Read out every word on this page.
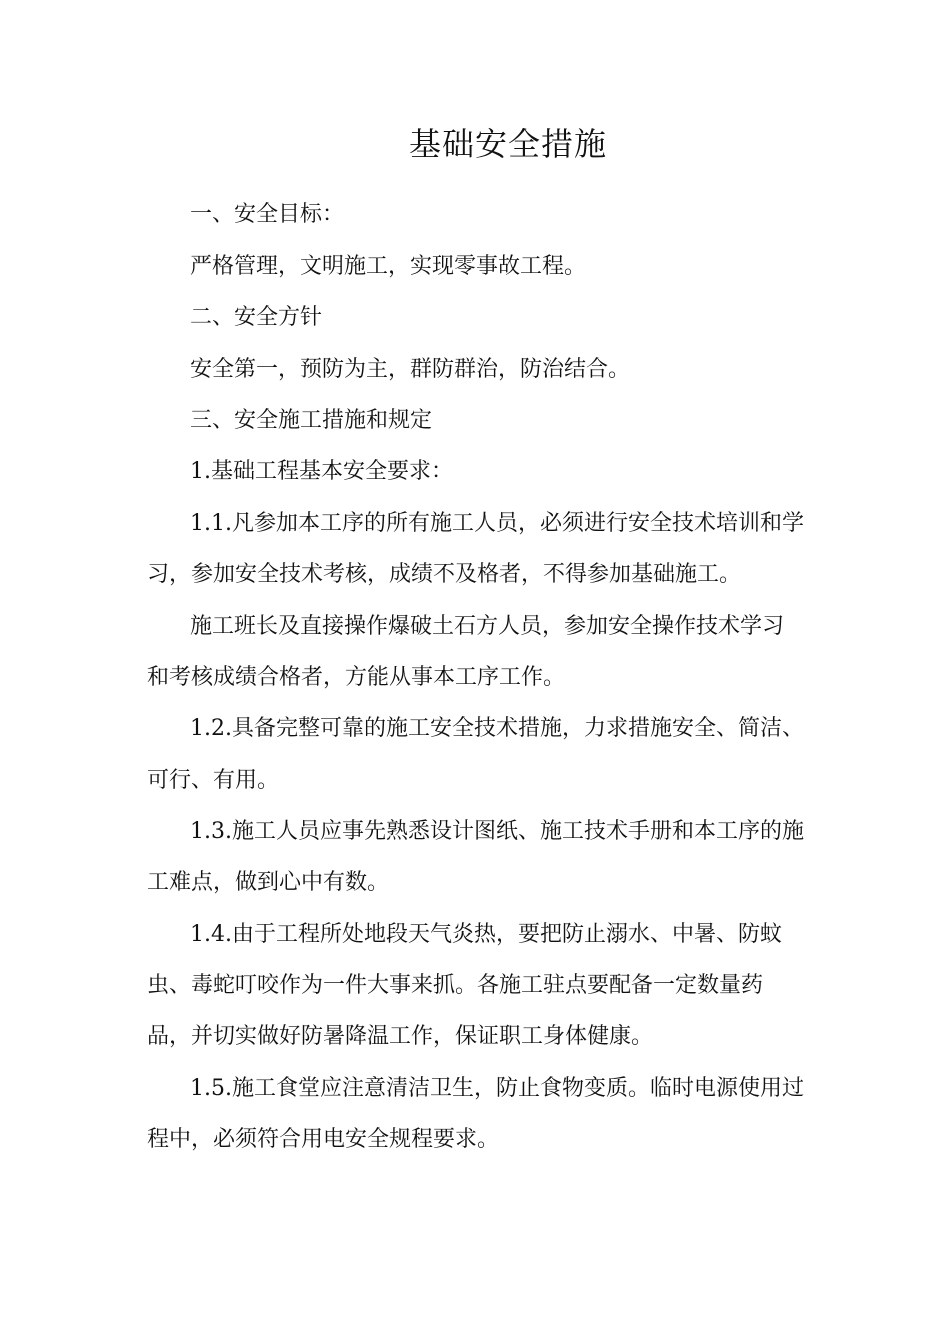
基础安全措施

一、安全目标：

严格管理，文明施工，实现零事故工程。

二、安全方针

安全第一，预防为主，群防群治，防治结合。

三、安全施工措施和规定

1.基础工程基本安全要求：

1.1.凡参加本工序的所有施工人员，必须进行安全技术培训和学

习，参加安全技术考核，成绩不及格者，不得参加基础施工。

施工班长及直接操作爆破土石方人员，参加安全操作技术学习

和考核成绩合格者，方能从事本工序工作。

1.2.具备完整可靠的施工安全技术措施，力求措施安全、简洁、

可行、有用。

1.3.施工人员应事先熟悉设计图纸、施工技术手册和本工序的施

工难点，做到心中有数。

1.4.由于工程所处地段天气炎热，要把防止溺水、中暑、防蚊

虫、毒蛇叮咬作为一件大事来抓。各施工驻点要配备一定数量药

品，并切实做好防暑降温工作，保证职工身体健康。

1.5.施工食堂应注意清洁卫生，防止食物变质。临时电源使用过

程中，必须符合用电安全规程要求。
